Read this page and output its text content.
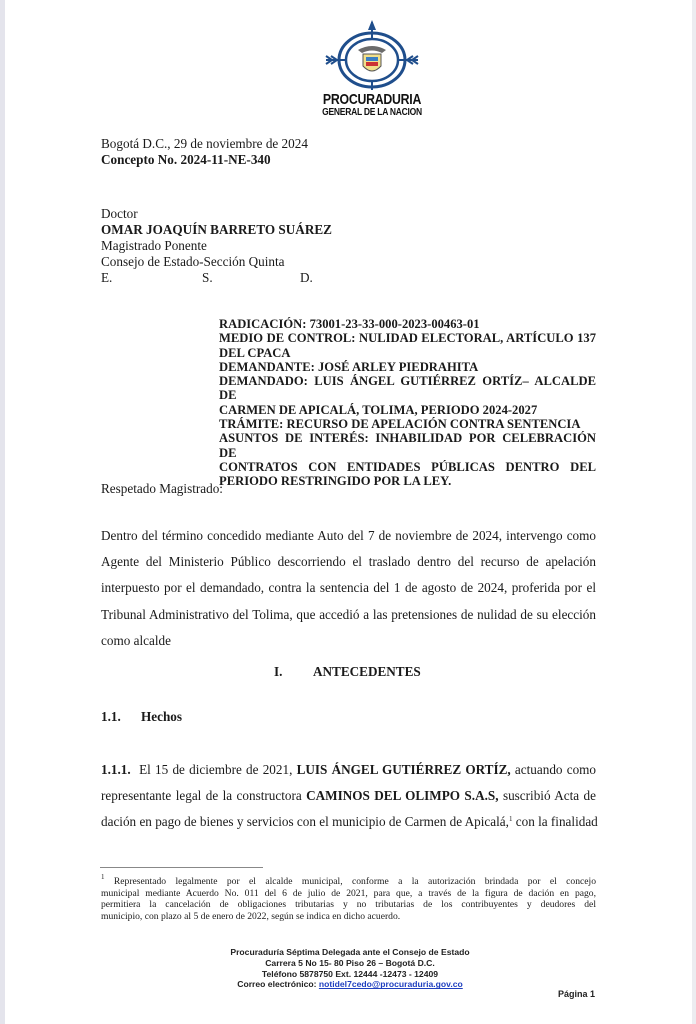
PROCURADURIA
GENERAL DE LA NACION
Bogotá D.C., 29 de noviembre de 2024
Concepto No. 2024-11-NE-340
Doctor
OMAR JOAQUÍN BARRETO SUÁREZ
Magistrado Ponente
Consejo de Estado-Sección Quinta
E.	S.	D.
RADICACIÓN: 73001-23-33-000-2023-00463-01
MEDIO DE CONTROL: NULIDAD ELECTORAL, ARTÍCULO 137
DEL CPACA
DEMANDANTE: JOSÉ ARLEY PIEDRAHITA
DEMANDADO: LUIS ÁNGEL GUTIÉRREZ ORTÍZ– ALCALDE DE
CARMEN DE APICALÁ, TOLIMA, PERIODO 2024-2027
TRÁMITE: RECURSO DE APELACIÓN CONTRA SENTENCIA
ASUNTOS DE INTERÉS: INHABILIDAD POR CELEBRACIÓN DE
CONTRATOS CON ENTIDADES PÚBLICAS DENTRO DEL
PERIODO RESTRINGIDO POR LA LEY.
Respetado Magistrado:
Dentro del término concedido mediante Auto del 7 de noviembre de 2024, intervengo como
Agente del Ministerio Público descorriendo el traslado dentro del recurso de apelación
interpuesto por el demandado, contra la sentencia del 1 de agosto de 2024, proferida por el
Tribunal Administrativo del Tolima, que accedió a las pretensiones de nulidad de su elección
como alcalde
I. ANTECEDENTES
1.1. Hechos
1.1.1. El 15 de diciembre de 2021, LUIS ÁNGEL GUTIÉRREZ ORTÍZ, actuando como
representante legal de la constructora CAMINOS DEL OLIMPO S.A.S, suscribió Acta de
dación en pago de bienes y servicios con el municipio de Carmen de Apicalá,$^1$ con la finalidad
$^1$ Representado legalmente por el alcalde municipal, conforme a la autorización brindada por el concejo
municipal mediante Acuerdo No. 011 del 6 de julio de 2021, para que, a través de la figura de dación en pago,
permitiera la cancelación de obligaciones tributarias y no tributarias de los contribuyentes y deudores del
municipio, con plazo al 5 de enero de 2022, según se indica en dicho acuerdo.
Procuraduría Séptima Delegada ante el Consejo de Estado
Carrera 5 No 15- 80 Piso 26 – Bogotá D.C.
Teléfono 5878750 Ext. 12444 -12473 - 12409
Correo electrónico: notidel7cedo@procuraduria.gov.co
Página 1
